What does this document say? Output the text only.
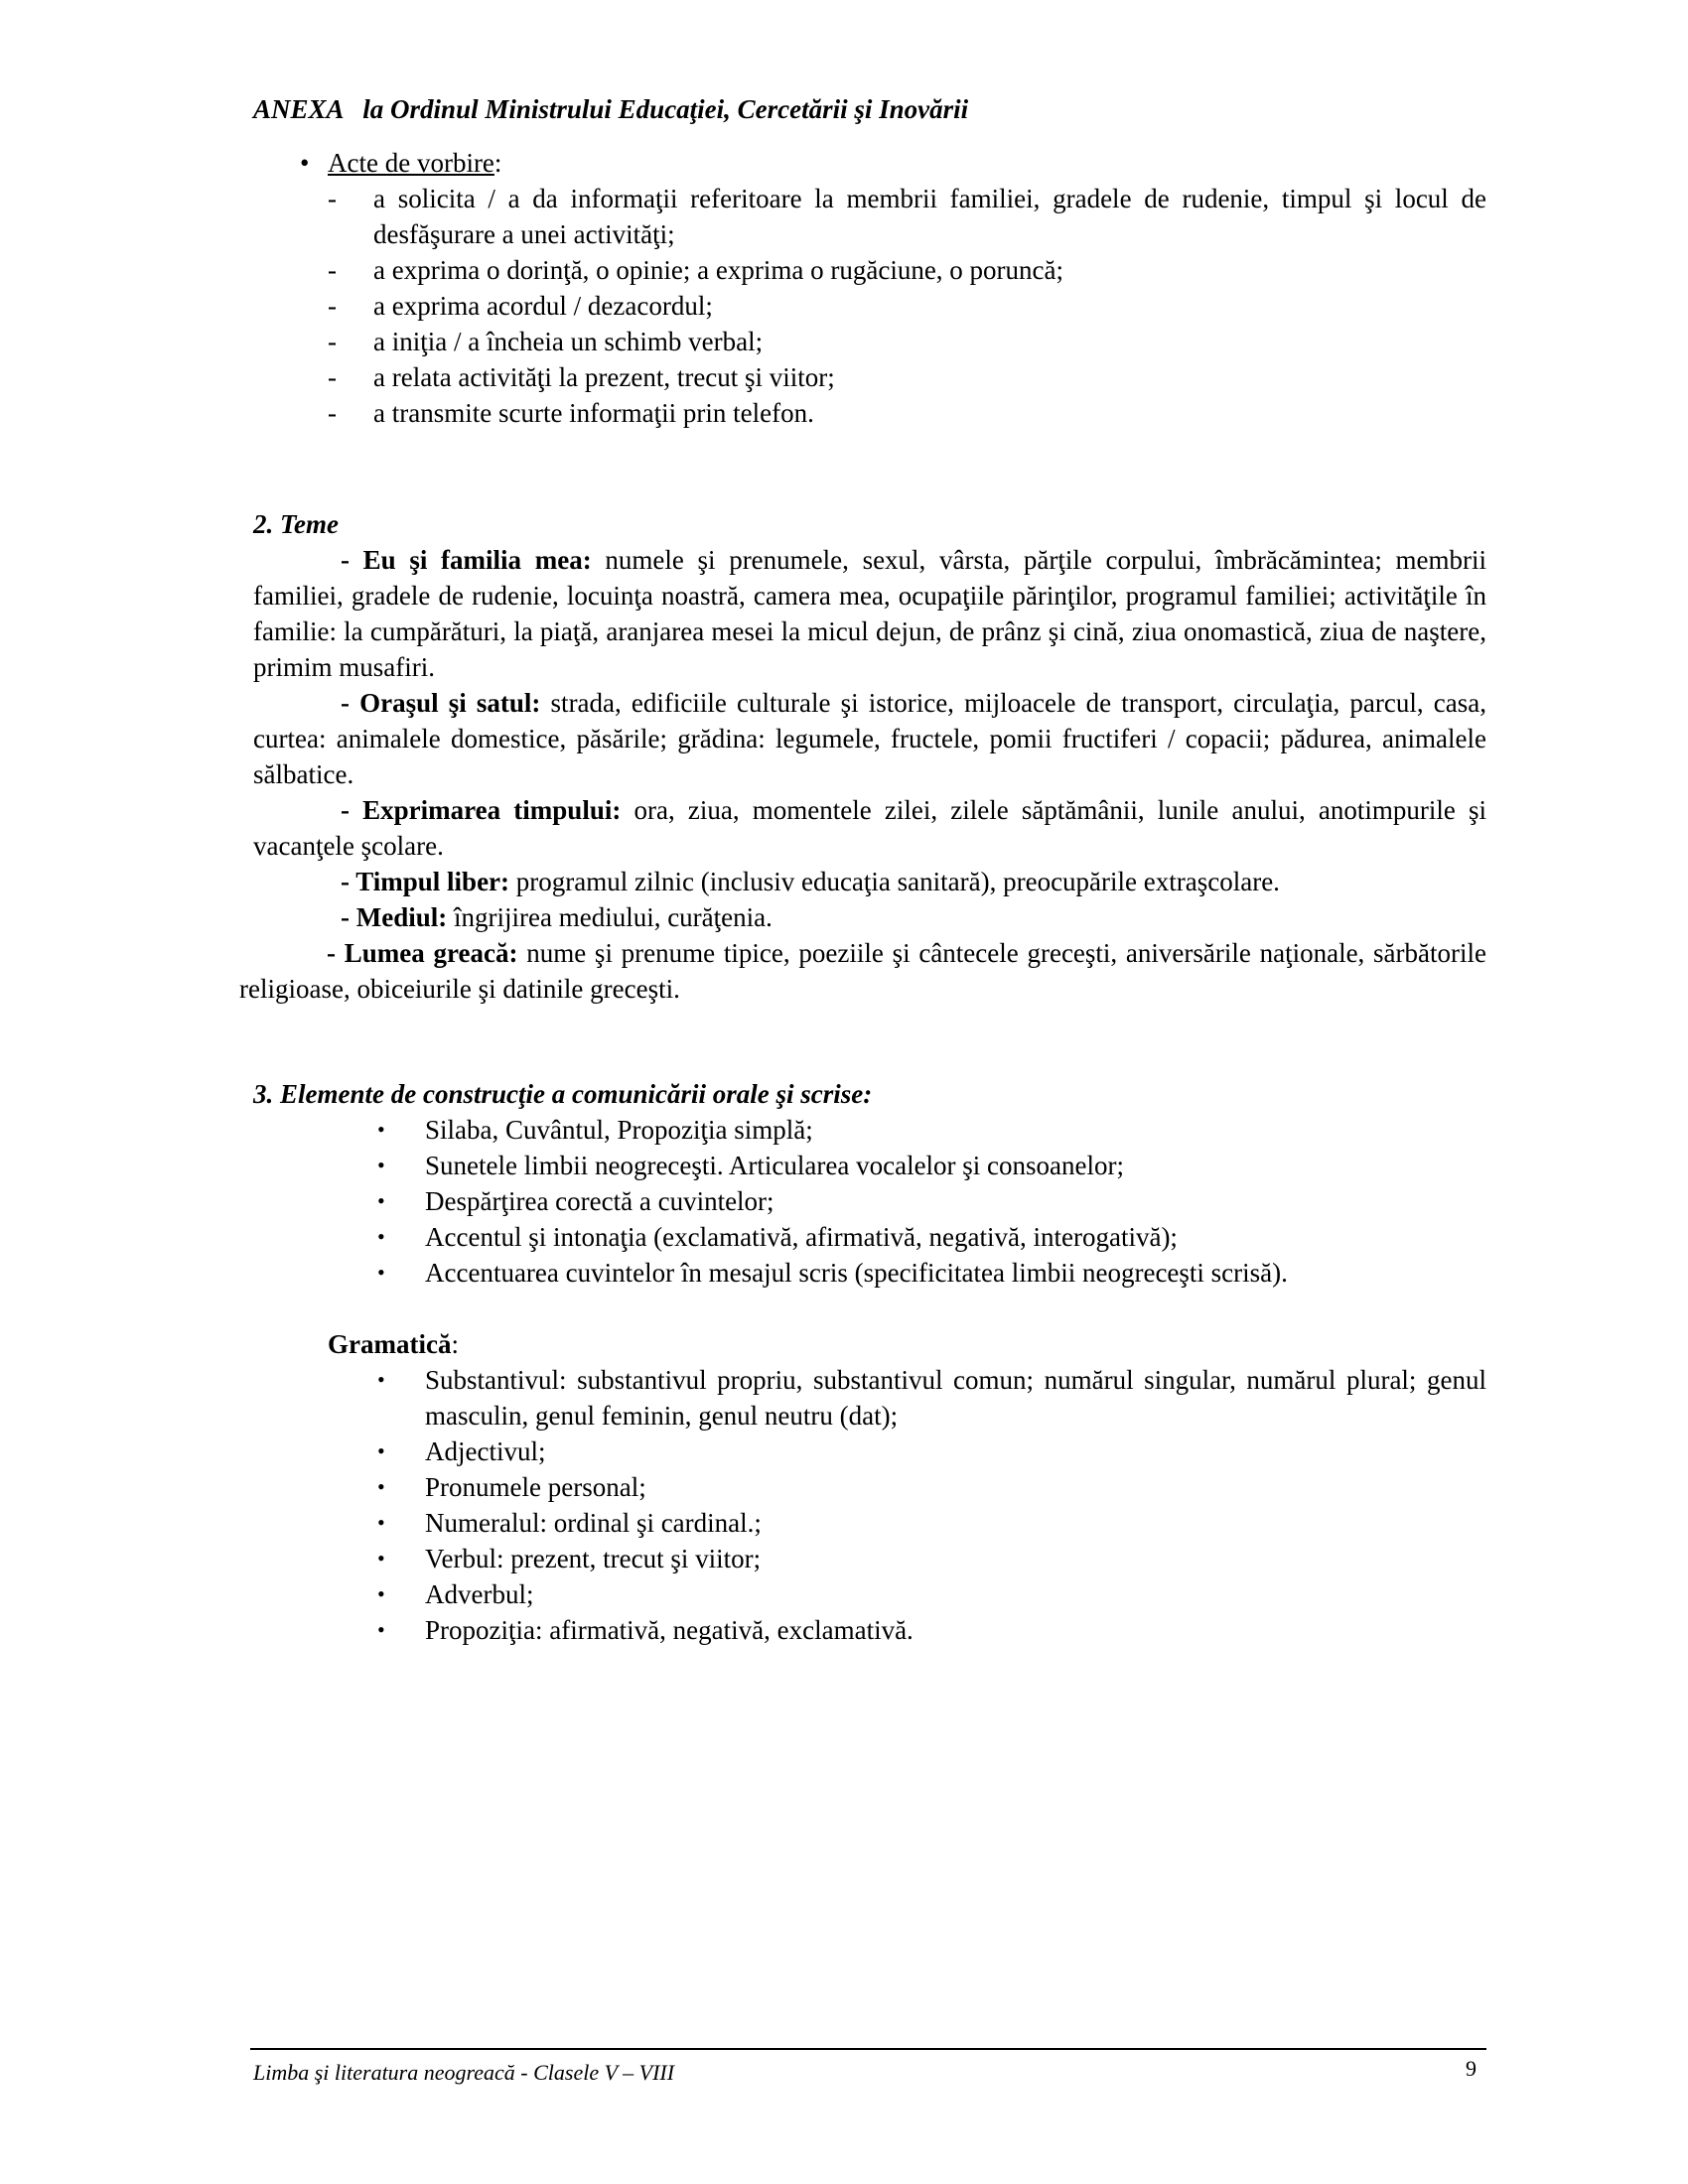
ANEXA la Ordinul Ministrului Educaţiei, Cercetării şi Inovării
• Acte de vorbire:
-	a solicita / a da informaţii referitoare la membrii familiei, gradele de rudenie, timpul şi locul de desfăşurare a unei activităţi;
-	a exprima o dorinţă, o opinie; a exprima o rugăciune, o poruncă;
-	a exprima acordul / dezacordul;
-	a iniţia / a încheia un schimb verbal;
-	a relata activităţi la prezent, trecut şi viitor;
-	a transmite scurte informaţii prin telefon.
2. Teme

- Eu şi familia mea: numele şi prenumele, sexul, vârsta, părţile corpului, îmbrăcămintea; membrii familiei, gradele de rudenie, locuinţa noastră, camera mea, ocupaţiile părinţilor, programul familiei; activităţile în familie: la cumpărături, la piaţă, aranjarea mesei la micul dejun, de prânz şi cină, ziua onomastică, ziua de naştere, primim musafiri.

- Oraşul şi satul: strada, edificiile culturale şi istorice, mijloacele de transport, circulaţia, parcul, casa, curtea: animalele domestice, păsările; grădina: legumele, fructele, pomii fructiferi / copacii; pădurea, animalele sălbatice.

- Exprimarea timpului: ora, ziua, momentele zilei, zilele săptămânii, lunile anului, anotimpurile şi vacanţele şcolare.

- Timpul liber: programul zilnic (inclusiv educaţia sanitară), preocupările extraşcolare.

- Mediul: îngrijirea mediului, curăţenia.

- Lumea greacă: nume şi prenume tipice, poeziile şi cântecele greceşti, aniversările naţionale, sărbătorile religioase, obiceiurile şi datinile greceşti.

3. Elemente de construcţie a comunicării orale şi scrise:
•	Silaba, Cuvântul, Propoziţia simplă;
•	Sunetele limbii neogreceşti. Articularea vocalelor şi consoanelor;
•	Despărţirea corectă a cuvintelor;
•	Accentul şi intonaţia (exclamativă, afirmativă, negativă, interogativă);
•	Accentuarea cuvintelor în mesajul scris (specificitatea limbii neogreceşti scrisă).
Gramatică:
•	Substantivul: substantivul propriu, substantivul comun; numărul singular, numărul plural; genul masculin, genul feminin, genul neutru (dat);
•	Adjectivul;
•	Pronumele personal;
•	Numeralul: ordinal şi cardinal.;
•	Verbul: prezent, trecut şi viitor;
•	Adverbul;
•	Propoziţia: afirmativă, negativă, exclamativă.
Limba şi literatura neogreacă - Clasele V – VIII	9
